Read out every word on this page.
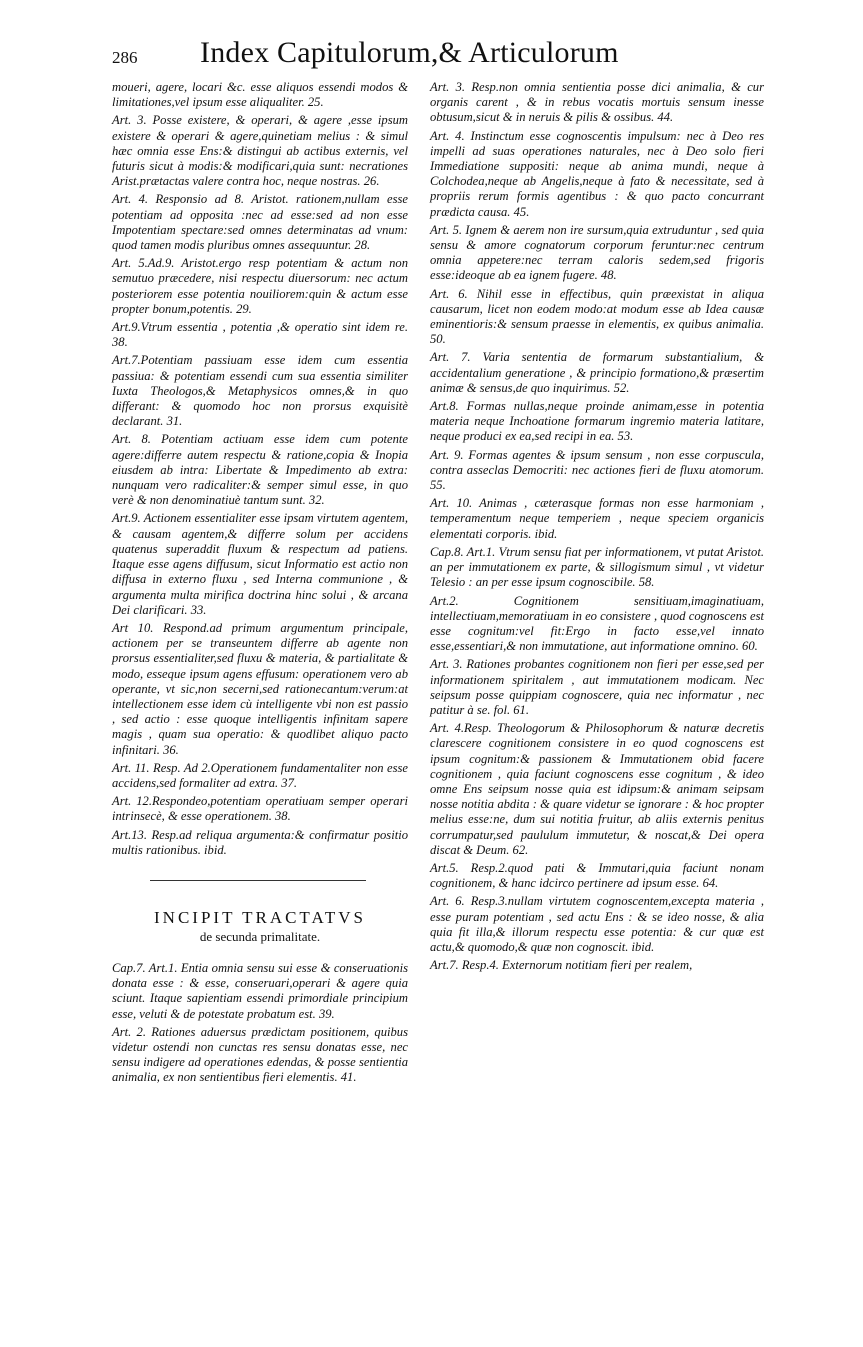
286 Index Capitulorum,& Articulorum

moueri, agere, locari &c. esse aliquos essendi modos & limitationes,vel ipsum esse aliqualiter. 25.

Art. 3. Posse existere, & operari, & agere ,esse ipsum existere & operari & agere,quinetiam melius : & simul hæc omnia esse Ens:& distingui ab actibus externis, vel futuris sicut à modis:& modificari,quia sunt: necrationes Arist.prætactas valere contra hoc, neque nostras. 26.

Art. 4. Responsio ad 8. Aristot. rationem,nullam esse potentiam ad opposita :nec ad esse:sed ad non esse Impotentiam spectare:sed omnes determinatas ad vnum: quod tamen modis pluribus omnes assequuntur. 28.

Art. 5.Ad.9. Aristot.ergo resp potentiam & actum non semutuo præcedere, nisi respectu diuersorum: nec actum posteriorem esse potentia nouiliorem:quin & actum esse propter bonum,potentis. 29.

Art.9.Vtrum essentia , potentia ,& operatio sint idem re. 38.

Art.7.Potentiam passiuam esse idem cum essentia passiua: & potentiam essendi cum sua essentia similiter Iuxta Theologos,& Metaphysicos omnes,& in quo differant: & quomodo hoc non prorsus exquisitè declarant. 31.

Art. 8. Potentiam actiuam esse idem cum potente agere:differre autem respectu & ratione,copia & Inopia eiusdem ab intra: Libertate & Impedimento ab extra: nunquam vero radicaliter:& semper simul esse, in quo verè & non denominatiuè tantum sunt. 32.

Art.9. Actionem essentialiter esse ipsam virtutem agentem, & causam agentem,& differre solum per accidens quatenus superaddit fluxum & respectum ad patiens. Itaque esse agens diffusum, sicut Informatio est actio non diffusa in externo fluxu , sed Interna communione , & argumenta multa mirifica doctrina hinc solui , & arcana Dei clarificari. 33.

Art 10. Respond.ad primum argumentum principale, actionem per se transeuntem differre ab agente non prorsus essentialiter,sed fluxu & materia, & partialitate & modo, esseque ipsum agens effusum: operationem vero ab operante, vt sic,non secerni,sed rationecantum:verum:at intellectionem esse idem cù intelligente vbi non est passio , sed actio : esse quoque intelligentis infinitam sapere magis , quam sua operatio: & quodlibet aliquo pacto infinitari. 36.

Art. 11. Resp. Ad 2.Operationem fundamentaliter non esse accidens,sed formaliter ad extra. 37.

Art. 12.Respondeo,potentiam operatiuam semper operari intrinsecè, & esse operationem. 38.

Art.13. Resp.ad reliqua argumenta:& confirmatur positio multis rationibus. ibid.

INCIPIT TRACTATVS
de secunda primalitate.

Cap.7. Art.1. Entia omnia sensu sui esse & conseruationis donata esse : & esse, conseruari,operari & agere quia sciunt. Itaque sapientiam essendi primordiale principium esse, veluti & de potestate probatum est. 39.

Art. 2. Rationes aduersus prædictam positionem, quibus videtur ostendi non cunctas res sensu donatas esse, nec sensu indigere ad operationes edendas, & posse sentientia animalia, ex non sentientibus fieri elementis. 41.

Art. 3. Resp.non omnia sentientia posse dici animalia, & cur organis carent , & in rebus vocatis mortuis sensum inesse obtusum,sicut & in neruis & pilis & ossibus. 44.

Art. 4. Instinctum esse cognoscentis impulsum: nec à Deo res impelli ad suas operationes naturales, nec à Deo solo fieri Immediatione suppositi: neque ab anima mundi, neque à Colchodea,neque ab Angelis,neque à fato & necessitate, sed à propriis rerum formis agentibus : & quo pacto concurrant prædicta causa. 45.

Art. 5. Ignem & aerem non ire sursum,quia extruduntur , sed quia sensu & amore cognatorum corporum feruntur:nec centrum omnia appetere:nec terram caloris sedem,sed frigoris esse:ideoque ab ea ignem fugere. 48.

Art. 6. Nihil esse in effectibus, quin præexistat in aliqua causarum, licet non eodem modo:at modum esse ab Idea causæ eminentioris:& sensum praesse in elementis, ex quibus animalia. 50.

Art. 7. Varia sententia de formarum substantialium, & accidentalium generatione , & principio formationo,& præsertim animæ & sensus,de quo inquirimus. 52.

Art.8. Formas nullas,neque proinde animam,esse in potentia materia neque Inchoatione formarum ingremio materia latitare, neque produci ex ea,sed recipi in ea. 53.

Art. 9. Formas agentes & ipsum sensum , non esse corpuscula, contra asseclas Democriti: nec actiones fieri de fluxu atomorum. 55.

Art. 10. Animas , cæterasque formas non esse harmoniam , temperamentum neque temperiem , neque speciem organicis elementati corporis. ibid.

Cap.8. Art.1. Vtrum sensu fiat per informationem, vt putat Aristot. an per immutationem ex parte, & sillogismum simul , vt videtur Telesio : an per esse ipsum cognoscibile. 58.

Art.2. Cognitionem sensitiuam,imaginatiuam, intellectiuam,memoratiuam in eo consistere , quod cognoscens est esse cognitum:vel fit:Ergo in facto esse,vel innato esse,essentiari,& non immutatione, aut informatione omnino. 60.

Art. 3. Rationes probantes cognitionem non fieri per esse,sed per informationem spiritalem , aut immutationem modicam. Nec seipsum posse quippiam cognoscere, quia nec informatur , nec patitur à se. fol. 61.

Art. 4.Resp. Theologorum & Philosophorum & naturæ decretis clarescere cognitionem consistere in eo quod cognoscens est ipsum cognitum:& passionem & Immutationem obid facere cognitionem , quia faciunt cognoscens esse cognitum , & ideo omne Ens seipsum nosse quia est idipsum:& animam seipsam nosse notitia abdita : & quare videtur se ignorare : & hoc propter melius esse:ne, dum sui notitia fruitur, ab aliis externis penitus corrumpatur,sed paululum immutetur, & noscat,& Dei opera discat & Deum. 62.

Art.5. Resp.2.quod pati & Immutari,quia faciunt nonam cognitionem, & hanc idcirco pertinere ad ipsum esse. 64.

Art. 6. Resp.3.nullam virtutem cognoscentem,excepta materia , esse puram potentiam , sed actu Ens : & se ideo nosse, & alia quia fit illa,& illorum respectu esse potentia: & cur quæ est actu,& quomodo,& quæ non cognoscit. ibid.

Art.7. Resp.4. Externorum notitiam fieri per realem,
